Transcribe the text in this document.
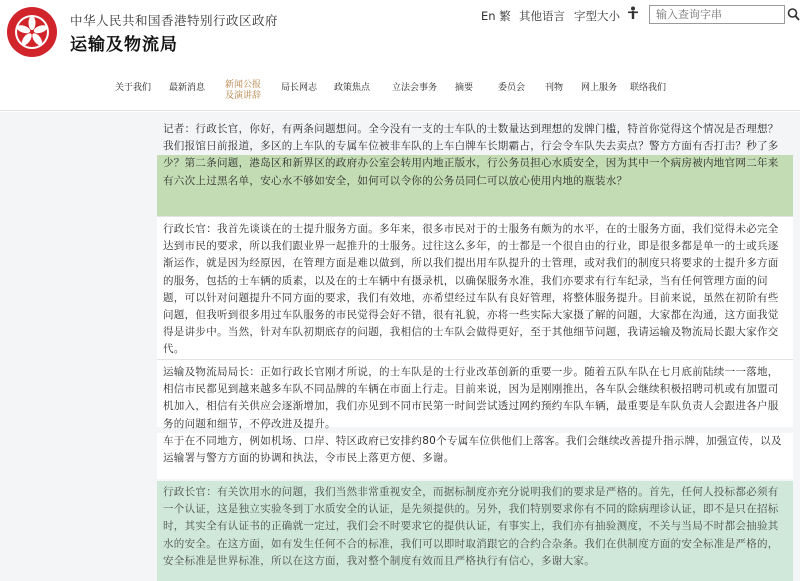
中华人民共和国香港特别行政区政府
运输及物流局
En 繁 其他语言 字型大小
输入查询字串
关于我们 最新消息 新闻公报
及演讲辞
局长网志 政策焦点 立法会事务 摘要	委员会 刊物 网上服务 联络我们
记者：行政长官，你好，有两条问题想问。全今没有一支的士车队的士数量达到理想的发牌门槛，特首你觉得这个情况是否理想？我们报馆日前报道，多区的上车队的专属车位被非车队的上车白牌车长期霸占，行会令车队失去卖点？警方方面有否打击？秒了多少？第二条问题，港岛区和新界区的政府办公室会转用内地正版水，行公务员担心水质安全，因为其中一个病房被内地官网二年来有六次上过黑名单，安心水不够如安全，如何可以令你的公务员同仁可以放心使用内地的瓶装水？
行政长官：我首先谈谈在的士提升服务方面。多年来，很多市民对于的士服务有颇为的水平，在的士服务方面，我们觉得未必完全达到市民的要求，所以我们跟业界一起推升的士服务。过往这么多年，的士都是一个很自由的行业，即是很多都是单一的士或兵逐渐运作，就是因为经原因，在管理方面是难以做到，所以我们提出用车队提升的士管理，或对我们的制度只将要求的士提升多方面的服务，包括的士车辆的质素，以及在的士车辆中有摄录机，以确保服务水准，我们亦要求有行车纪录，当有任何管理方面的问题，可以针对问题提升不同方面的要求，我们有效地，亦希望经过车队有良好管理，将整体服务提升。目前来说，虽然在初阶有些问题，但我听到很多用过车队服务的市民觉得会好不错，很有礼貌，亦将一些实际大家摄了解的问题，大家都在沟通，这方面我觉得是讲步中。当然，针对车队初期底存的问题，我相信的士车队会做得更好，至于其他细节问题，我请运输及物流局长跟大家作交代。
运输及物流局局长：正如行政长官刚才所说，的士车队是的士行业改革创新的重要一步。随着五队车队在七月底前陆续一一落地，相信市民都见到越来越多车队不同品牌的车辆在市面上行走。目前来说，因为是刚刚推出，各车队会继续积极招聘司机或有加盟司机加入，相信有关供应会逐渐增加，我们亦见到不同市民第一时间尝试透过网约预约车队车辆，最重要是车队负责人会跟进各户服务的问题和细节，不停改进及提升。
车于在不同地方，例如机场、口岸、特区政府已安排约80个专属车位供他们上落客。我们会继续改善提升指示牌，加强宣传，以及运输署与警方方面的协调和执法，令市民上落更方便、多谢。
行政长官：有关饮用水的问题，我们当然非常重视安全，而据标制度亦充分说明我们的要求是严格的。首先，任何人投标都必须有一个认证，这是独立实验冬到丁水质安全的认证，是先须提供的。另外，我们特别要求你有不同的除病理诊认证，即不是只在招标时，其实全有认证书的正确就一定过，我们会不时要求它的提供认证，有事实上，我们亦有抽验测度，不关与当局不时都会抽验其水的安全。在这方面，如有发生任何不合的标准，我们可以即时取消跟它的合约合杂条。我们在供制度方面的安全标准是严格的，安全标准是世界标准，所以在这方面，我对整个制度有效而且严格执行有信心，多谢大家。
